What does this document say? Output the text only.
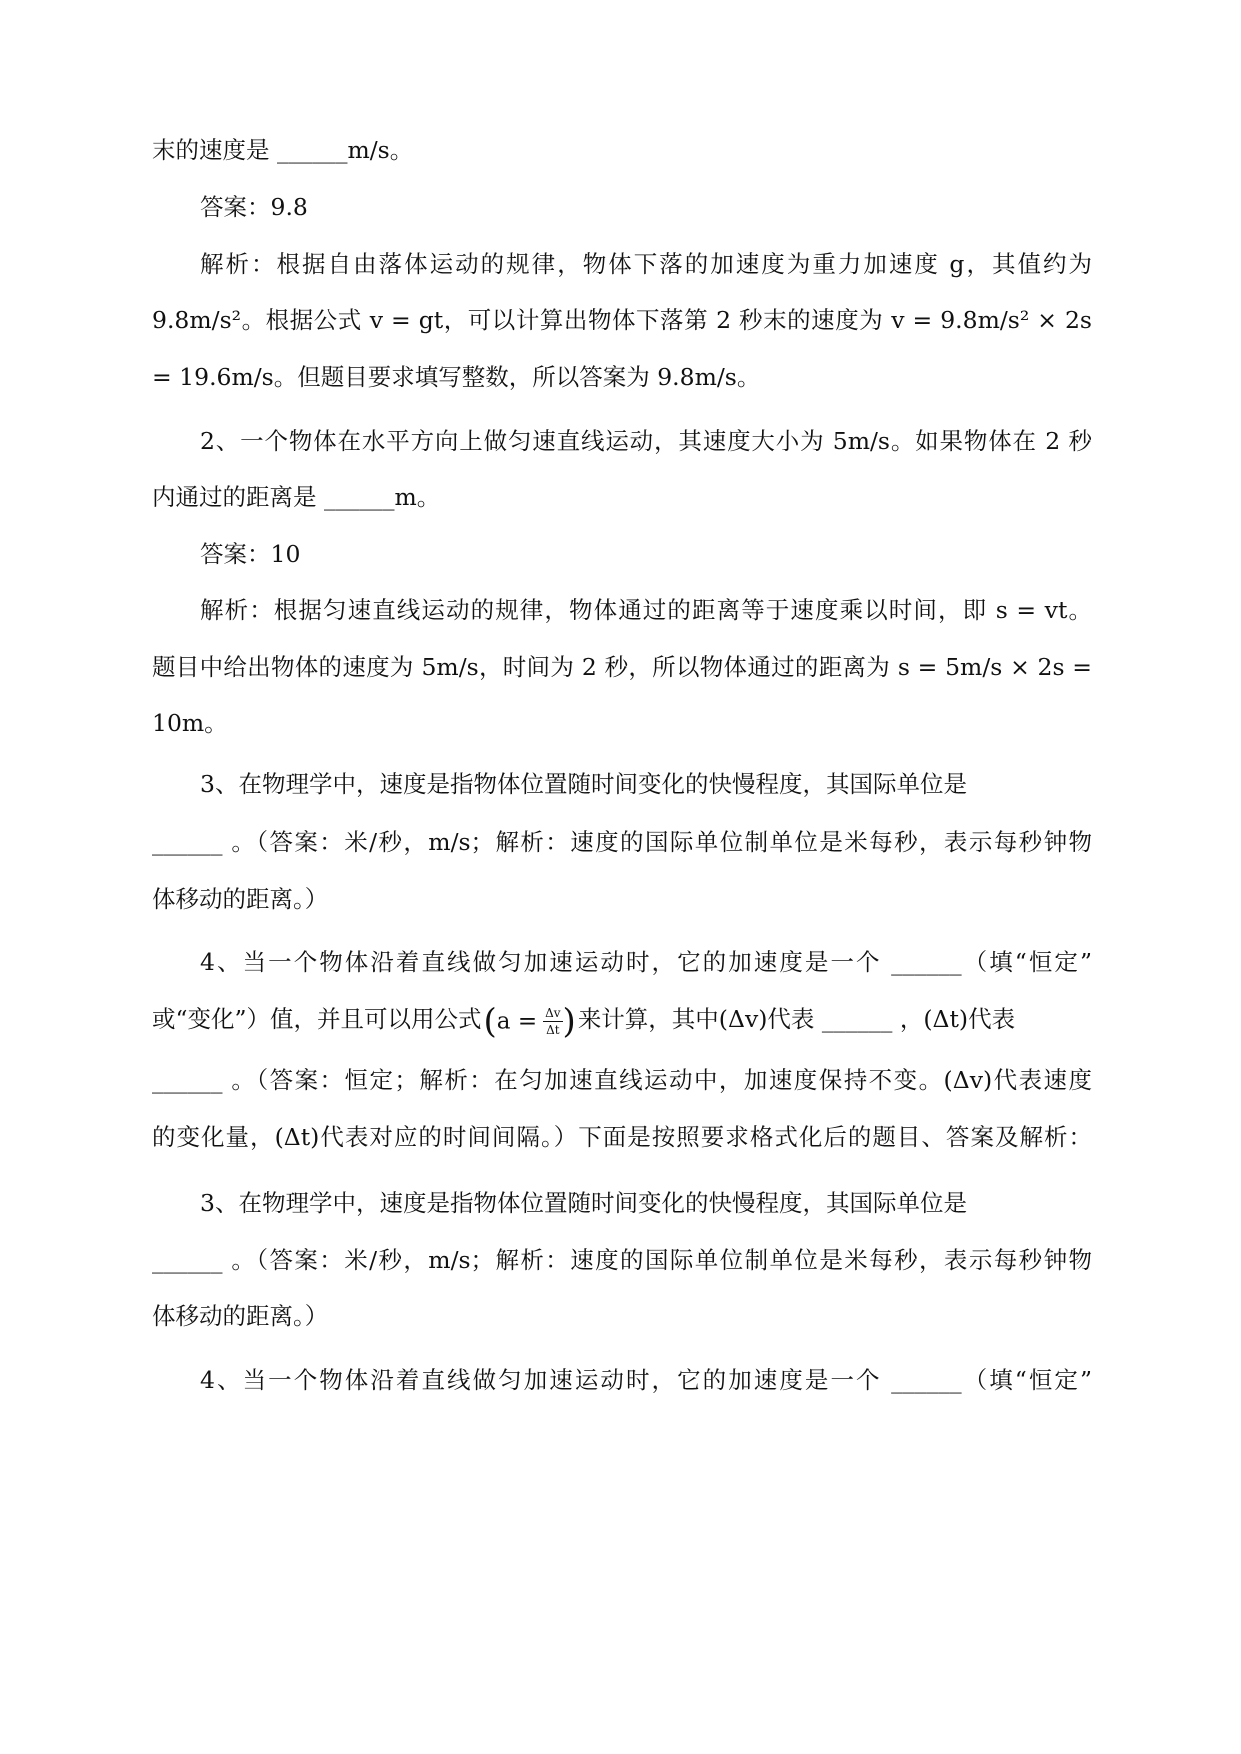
末的速度是 ______m/s。
答案：9.8
解析：根据自由落体运动的规律，物体下落的加速度为重力加速度 g，其值约为
9.8m/s²。根据公式 v = gt，可以计算出物体下落第 2 秒末的速度为 v = 9.8m/s² × 2s
= 19.6m/s。但题目要求填写整数，所以答案为 9.8m/s。
2、一个物体在水平方向上做匀速直线运动，其速度大小为 5m/s。如果物体在 2 秒
内通过的距离是 ______m。
答案：10
解析：根据匀速直线运动的规律，物体通过的距离等于速度乘以时间，即 s = vt。
题目中给出物体的速度为 5m/s，时间为 2 秒，所以物体通过的距离为 s = 5m/s × 2s =
10m。
3、在物理学中，速度是指物体位置随时间变化的快慢程度，其国际单位是
______ 。（答案：米/秒，m/s；解析：速度的国际单位制单位是米每秒，表示每秒钟物
体移动的距离。）
4、当一个物体沿着直线做匀加速运动时，它的加速度是一个 ______（填“恒定”
或“变化”）值，并且可以用公式($a = \frac{\Delta v}{\Delta t}$ )来计算，其中(Δv)代表 ______ ，(Δt)代表
______ 。（答案：恒定；解析：在匀加速直线运动中，加速度保持不变。(Δv)代表速度
的变化量，(Δt)代表对应的时间间隔。）下面是按照要求格式化后的题目、答案及解析：
3、在物理学中，速度是指物体位置随时间变化的快慢程度，其国际单位是
______ 。（答案：米/秒，m/s；解析：速度的国际单位制单位是米每秒，表示每秒钟物
体移动的距离。）
4、当一个物体沿着直线做匀加速运动时，它的加速度是一个 ______（填“恒定”
